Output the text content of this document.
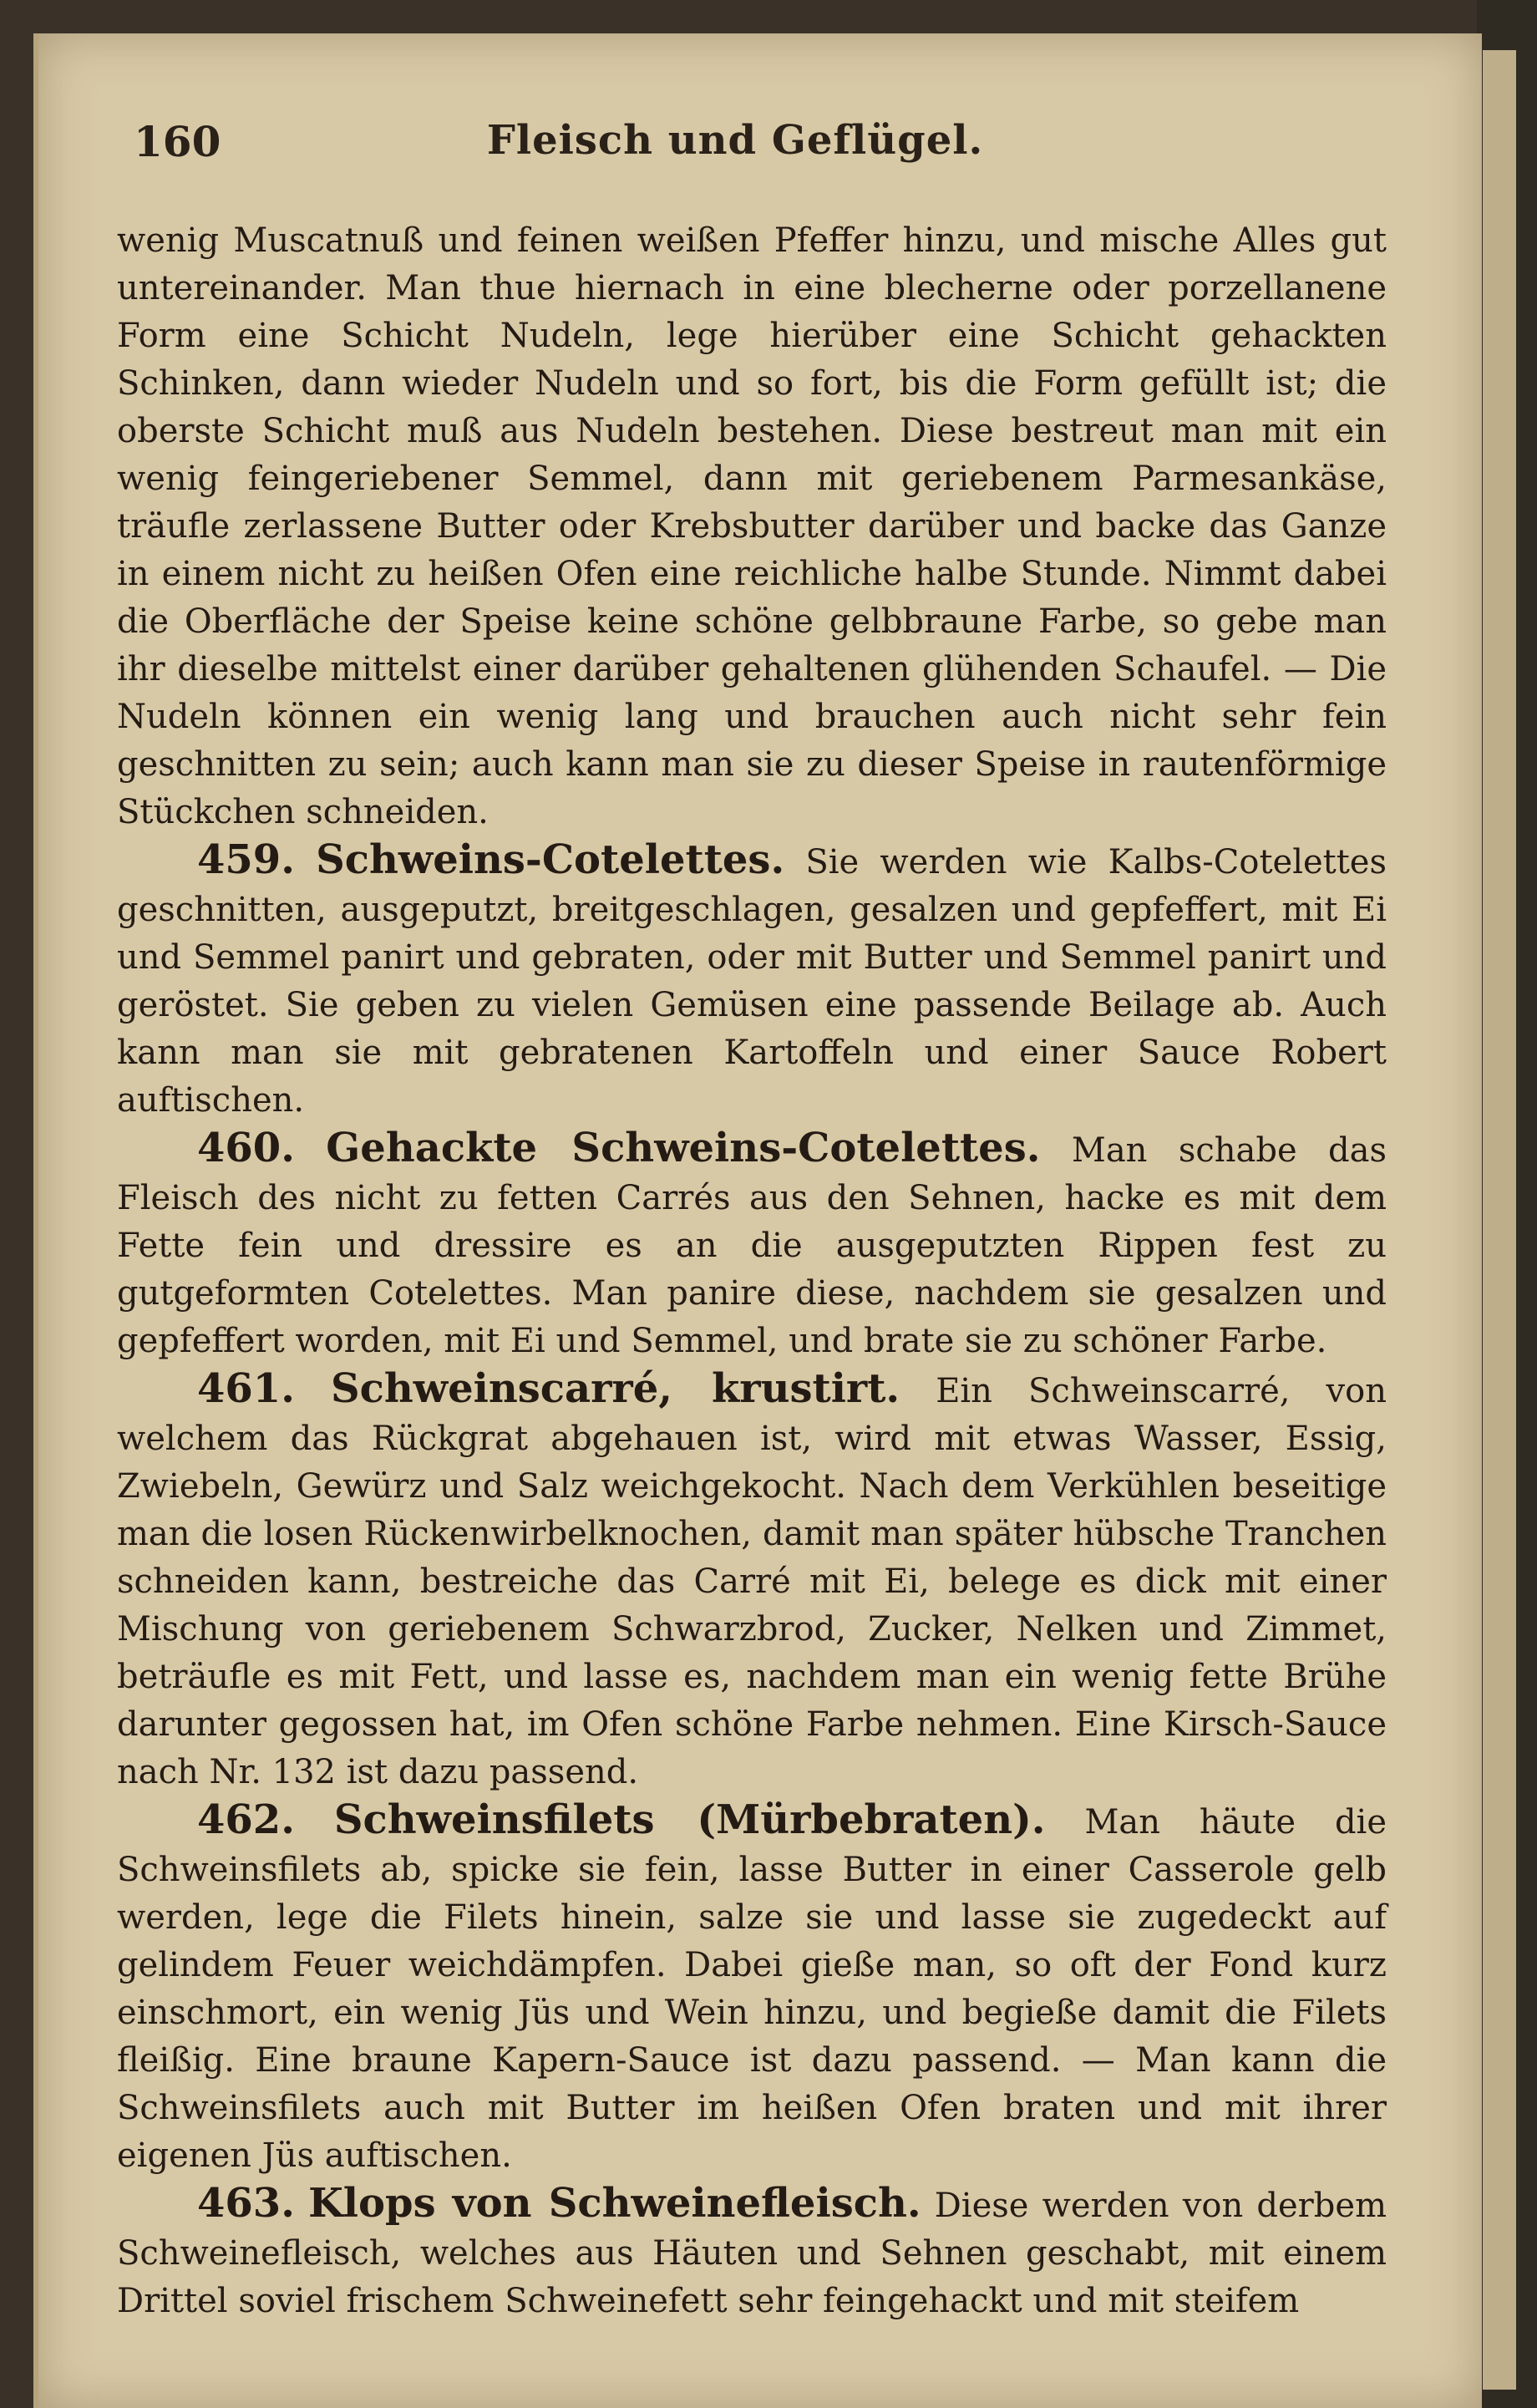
160	Fleisch und Geflügel.

wenig Muscatnuß und feinen weißen Pfeffer hinzu, und mische Alles gut untereinander. Man thue hiernach in eine blecherne oder porzellanene Form eine Schicht Nudeln, lege hierüber eine Schicht gehackten Schinken, dann wieder Nudeln und so fort, bis die Form gefüllt ist; die oberste Schicht muß aus Nudeln bestehen. Diese bestreut man mit ein wenig feingeriebener Semmel, dann mit geriebenem Parmesankäse, träufle zerlassene Butter oder Krebsbutter darüber und backe das Ganze in einem nicht zu heißen Ofen eine reichliche halbe Stunde. Nimmt dabei die Oberfläche der Speise keine schöne gelbbraune Farbe, so gebe man ihr dieselbe mittelst einer darüber gehaltenen glühenden Schaufel. — Die Nudeln können ein wenig lang und brauchen auch nicht sehr fein geschnitten zu sein; auch kann man sie zu dieser Speise in rautenförmige Stückchen schneiden.

459. Schweins-Cotelettes. Sie werden wie Kalbs-Cotelettes geschnitten, ausgeputzt, breitgeschlagen, gesalzen und gepfeffert, mit Ei und Semmel panirt und gebraten, oder mit Butter und Semmel panirt und geröstet. Sie geben zu vielen Gemüsen eine passende Beilage ab. Auch kann man sie mit gebratenen Kartoffeln und einer Sauce Robert auftischen.

460. Gehackte Schweins-Cotelettes. Man schabe das Fleisch des nicht zu fetten Carrés aus den Sehnen, hacke es mit dem Fette fein und dressire es an die ausgeputzten Rippen fest zu gutgeformten Cotelettes. Man panire diese, nachdem sie gesalzen und gepfeffert worden, mit Ei und Semmel, und brate sie zu schöner Farbe.

461. Schweinscarré, krustirt. Ein Schweinscarré, von welchem das Rückgrat abgehauen ist, wird mit etwas Wasser, Essig, Zwiebeln, Gewürz und Salz weichgekocht. Nach dem Verkühlen beseitige man die losen Rückenwirbelknochen, damit man später hübsche Tranchen schneiden kann, bestreiche das Carré mit Ei, belege es dick mit einer Mischung von geriebenem Schwarzbrod, Zucker, Nelken und Zimmet, beträufle es mit Fett, und lasse es, nachdem man ein wenig fette Brühe darunter gegossen hat, im Ofen schöne Farbe nehmen. Eine Kirsch-Sauce nach Nr. 132 ist dazu passend.

462. Schweinsfilets (Mürbebraten). Man häute die Schweinsfilets ab, spicke sie fein, lasse Butter in einer Casserole gelb werden, lege die Filets hinein, salze sie und lasse sie zugedeckt auf gelindem Feuer weichdämpfen. Dabei gieße man, so oft der Fond kurz einschmort, ein wenig Jüs und Wein hinzu, und begieße damit die Filets fleißig. Eine braune Kapern-Sauce ist dazu passend. — Man kann die Schweinsfilets auch mit Butter im heißen Ofen braten und mit ihrer eigenen Jüs auftischen.

463. Klops von Schweinefleisch. Diese werden von derbem Schweinefleisch, welches aus Häuten und Sehnen geschabt, mit einem Drittel soviel frischem Schweinefett sehr feingehackt und mit steifem
